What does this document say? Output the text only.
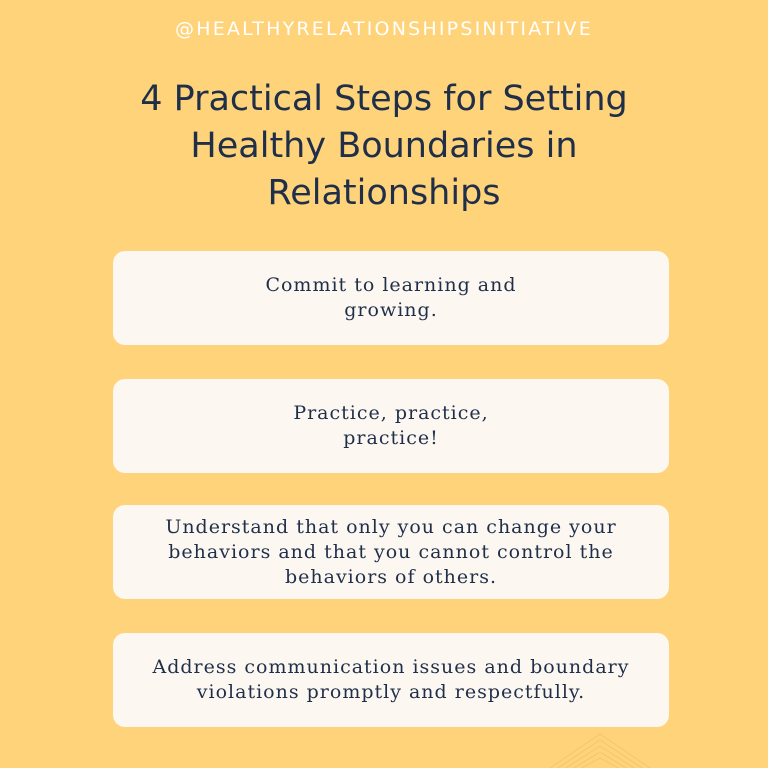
@HEALTHYRELATIONSHIPSINITIATIVE
4 Practical Steps for Setting
Healthy Boundaries in
Relationships
Commit to learning and
growing.
Practice, practice,
practice!
Understand that only you can change your
behaviors and that you cannot control the
behaviors of others.
Address communication issues and boundary
violations promptly and respectfully.
